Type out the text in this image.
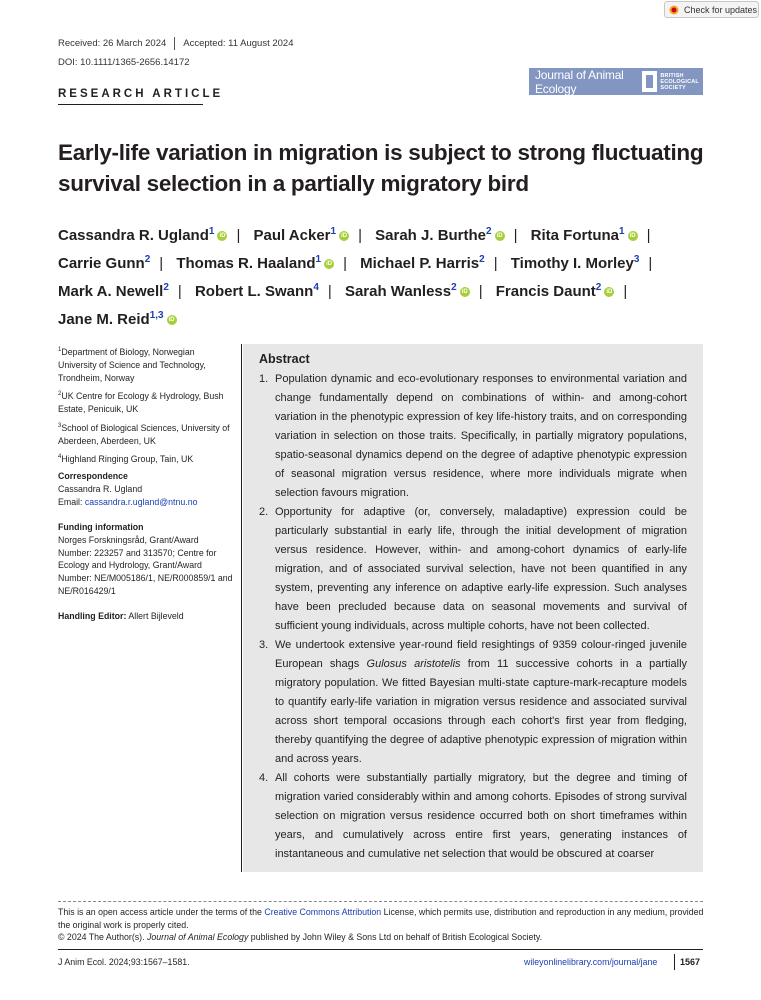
Check for updates
Received: 26 March 2024 Accepted: 11 August 2024
DOI: 10.1111/1365-2656.14172
Journal of Animal Ecology
BRITISH
ECOLOGICAL
SOCIETY
RESEARCH ARTICLE
Early-life variation in migration is subject to strong fluctuating survival selection in a partially migratory bird
Cassandra R. Ugland$^1$ iD | Paul Acker$^1$ iD | Sarah J. Burthe$^2$ iD | Rita Fortuna$^1$ iD | Carrie Gunn$^2$ | Thomas R. Haaland$^1$ iD | Michael P. Harris$^2$ | Timothy I. Morley$^3$ | Mark A. Newell$^2$ | Robert L. Swann$^4$ | Sarah Wanless$^2$ iD | Francis Daunt$^2$ iD | Jane M. Reid$^{1,3}$ iD
$^1$Department of Biology, Norwegian University of Science and Technology, Trondheim, Norway
$^2$UK Centre for Ecology & Hydrology, Bush Estate, Penicuik, UK
$^3$School of Biological Sciences, University of Aberdeen, Aberdeen, UK
$^4$Highland Ringing Group, Tain, UK
Correspondence
Cassandra R. Ugland
Email: cassandra.r.ugland@ntnu.no
Funding information
Norges Forskningsråd, Grant/Award Number: 223257 and 313570; Centre for Ecology and Hydrology, Grant/Award Number: NE/M005186/1, NE/R000859/1 and NE/R016429/1
Handling Editor: Allert Bijleveld
Abstract
1. Population dynamic and eco-evolutionary responses to environmental variation and change fundamentally depend on combinations of within- and among-cohort variation in the phenotypic expression of key life-history traits, and on corresponding variation in selection on those traits. Specifically, in partially migratory populations, spatio-seasonal dynamics depend on the degree of adaptive phenotypic expression of seasonal migration versus residence, where more individuals migrate when selection favours migration.
2. Opportunity for adaptive (or, conversely, maladaptive) expression could be particularly substantial in early life, through the initial development of migration versus residence. However, within- and among-cohort dynamics of early-life migration, and of associated survival selection, have not been quantified in any system, preventing any inference on adaptive early-life expression. Such analyses have been precluded because data on seasonal movements and survival of sufficient young individuals, across multiple cohorts, have not been collected.
3. We undertook extensive year-round field resightings of 9359 colour-ringed juvenile European shags Gulosus aristotelis from 11 successive cohorts in a partially migratory population. We fitted Bayesian multi-state capture-mark-recapture models to quantify early-life variation in migration versus residence and associated survival across short temporal occasions through each cohort's first year from fledging, thereby quantifying the degree of adaptive phenotypic expression of migration within and across years.
4. All cohorts were substantially partially migratory, but the degree and timing of migration varied considerably within and among cohorts. Episodes of strong survival selection on migration versus residence occurred both on short timeframes within years, and cumulatively across entire first years, generating instances of instantaneous and cumulative net selection that would be obscured at coarser
This is an open access article under the terms of the Creative Commons Attribution License, which permits use, distribution and reproduction in any medium, provided the original work is properly cited.
© 2024 The Author(s). Journal of Animal Ecology published by John Wiley & Sons Ltd on behalf of British Ecological Society.
J Anim Ecol. 2024;93:1567–1581.	wileyonlinelibrary.com/journal/jane	1567
